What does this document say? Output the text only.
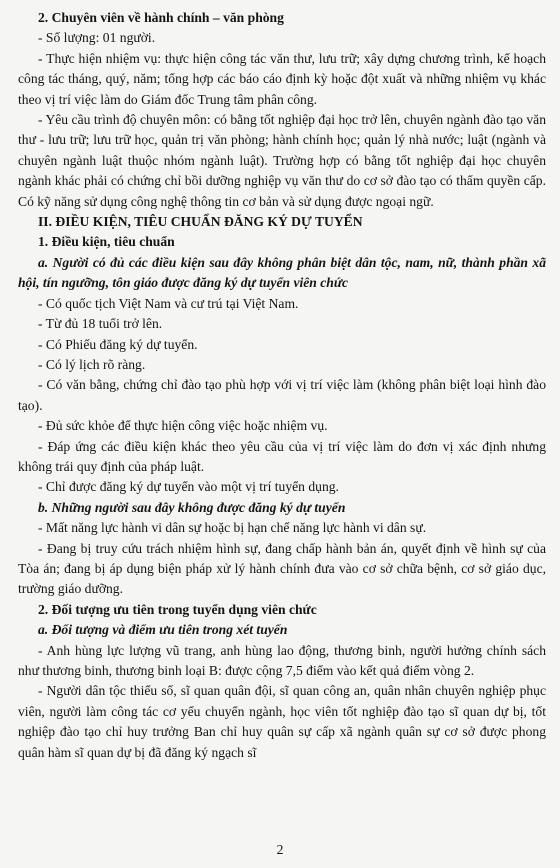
2. Chuyên viên về hành chính – văn phòng

- Số lượng: 01 người.

- Thực hiện nhiệm vụ: thực hiện công tác văn thư, lưu trữ; xây dựng chương trình, kế hoạch công tác tháng, quý, năm; tổng hợp các báo cáo định kỳ hoặc đột xuất và những nhiệm vụ khác theo vị trí việc làm do Giám đốc Trung tâm phân công.

- Yêu cầu trình độ chuyên môn: có bằng tốt nghiệp đại học trở lên, chuyên ngành đào tạo văn thư - lưu trữ; lưu trữ học, quản trị văn phòng; hành chính học; quản lý nhà nước; luật (ngành và chuyên ngành luật thuộc nhóm ngành luật). Trường hợp có bằng tốt nghiệp đại học chuyên ngành khác phải có chứng chỉ bồi dưỡng nghiệp vụ văn thư do cơ sở đào tạo có thẩm quyền cấp. Có kỹ năng sử dụng công nghệ thông tin cơ bản và sử dụng được ngoại ngữ.

II. ĐIỀU KIỆN, TIÊU CHUẨN ĐĂNG KÝ DỰ TUYỂN

1. Điều kiện, tiêu chuẩn

a. Người có đủ các điều kiện sau đây không phân biệt dân tộc, nam, nữ, thành phần xã hội, tín ngưỡng, tôn giáo được đăng ký dự tuyển viên chức

- Có quốc tịch Việt Nam và cư trú tại Việt Nam.

- Từ đủ 18 tuổi trở lên.

- Có Phiếu đăng ký dự tuyển.

- Có lý lịch rõ ràng.

- Có văn bằng, chứng chỉ đào tạo phù hợp với vị trí việc làm (không phân biệt loại hình đào tạo).

- Đủ sức khỏe để thực hiện công việc hoặc nhiệm vụ.

- Đáp ứng các điều kiện khác theo yêu cầu của vị trí việc làm do đơn vị xác định nhưng không trái quy định của pháp luật.

- Chỉ được đăng ký dự tuyển vào một vị trí tuyển dụng.

b. Những người sau đây không được đăng ký dự tuyển

- Mất năng lực hành vi dân sự hoặc bị hạn chế năng lực hành vi dân sự.

- Đang bị truy cứu trách nhiệm hình sự, đang chấp hành bản án, quyết định về hình sự của Tòa án; đang bị áp dụng biện pháp xử lý hành chính đưa vào cơ sở chữa bệnh, cơ sở giáo dục, trường giáo dưỡng.

2. Đối tượng ưu tiên trong tuyển dụng viên chức

a. Đối tượng và điểm ưu tiên trong xét tuyển

- Anh hùng lực lượng vũ trang, anh hùng lao động, thương binh, người hưởng chính sách như thương binh, thương binh loại B: được cộng 7,5 điểm vào kết quả điểm vòng 2.

- Người dân tộc thiểu số, sĩ quan quân đội, sĩ quan công an, quân nhân chuyên nghiệp phục viên, người làm công tác cơ yếu chuyển ngành, học viên tốt nghiệp đào tạo sĩ quan dự bị, tốt nghiệp đào tạo chỉ huy trưởng Ban chỉ huy quân sự cấp xã ngành quân sự cơ sở được phong quân hàm sĩ quan dự bị đã đăng ký ngạch sĩ

2
